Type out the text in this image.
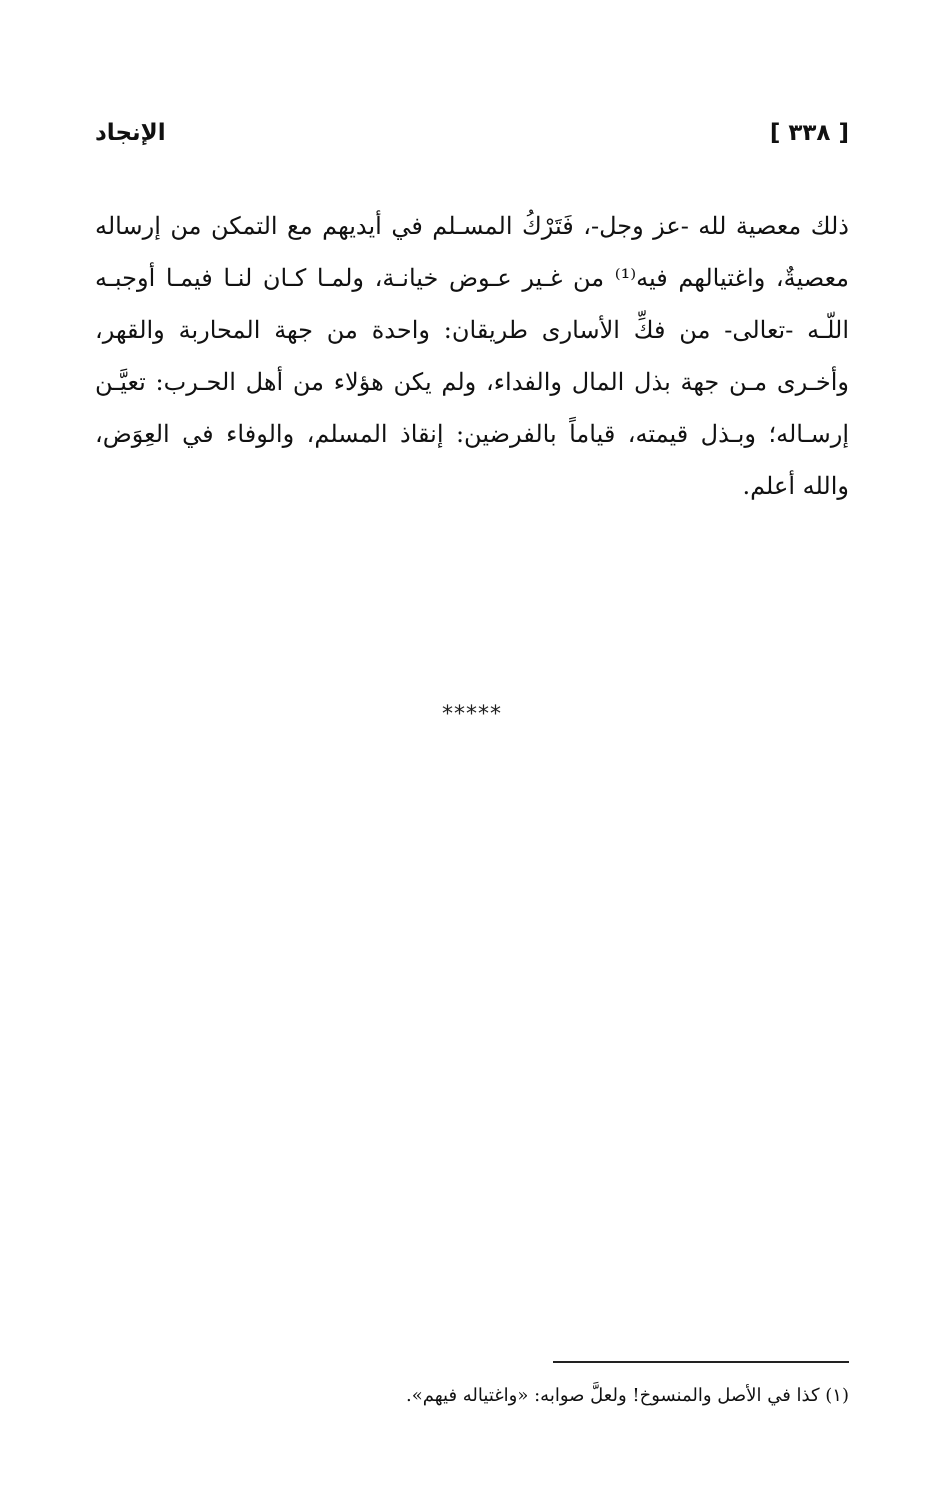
الإنجاد	[ ٣٣٨ ]

ذلك معصية لله -عز وجل-، فَتَرْكُ المسـلم في أيديهم مع التمكن من إرساله معصيةٌ، واغتيالهم فيه⁽¹⁾ من غـير عـوض خيانـة، ولمـا كـان لنـا فيمـا أوجبـه اللّـه -تعالى- من فكِّ الأسارى طريقان: واحدة من جهة المحاربة والقهر، وأخـرى مـن جهة بذل المال والفداء، ولم يكن هؤلاء من أهل الحـرب: تعيَّـن إرسـاله؛ وبـذل قيمته، قياماً بالفرضين: إنقاذ المسلم، والوفاء في العِوَض، والله أعلم.

*****
(١) كذا في الأصل والمنسوخ! ولعلَّ صوابه: «واغتياله فيهم».
